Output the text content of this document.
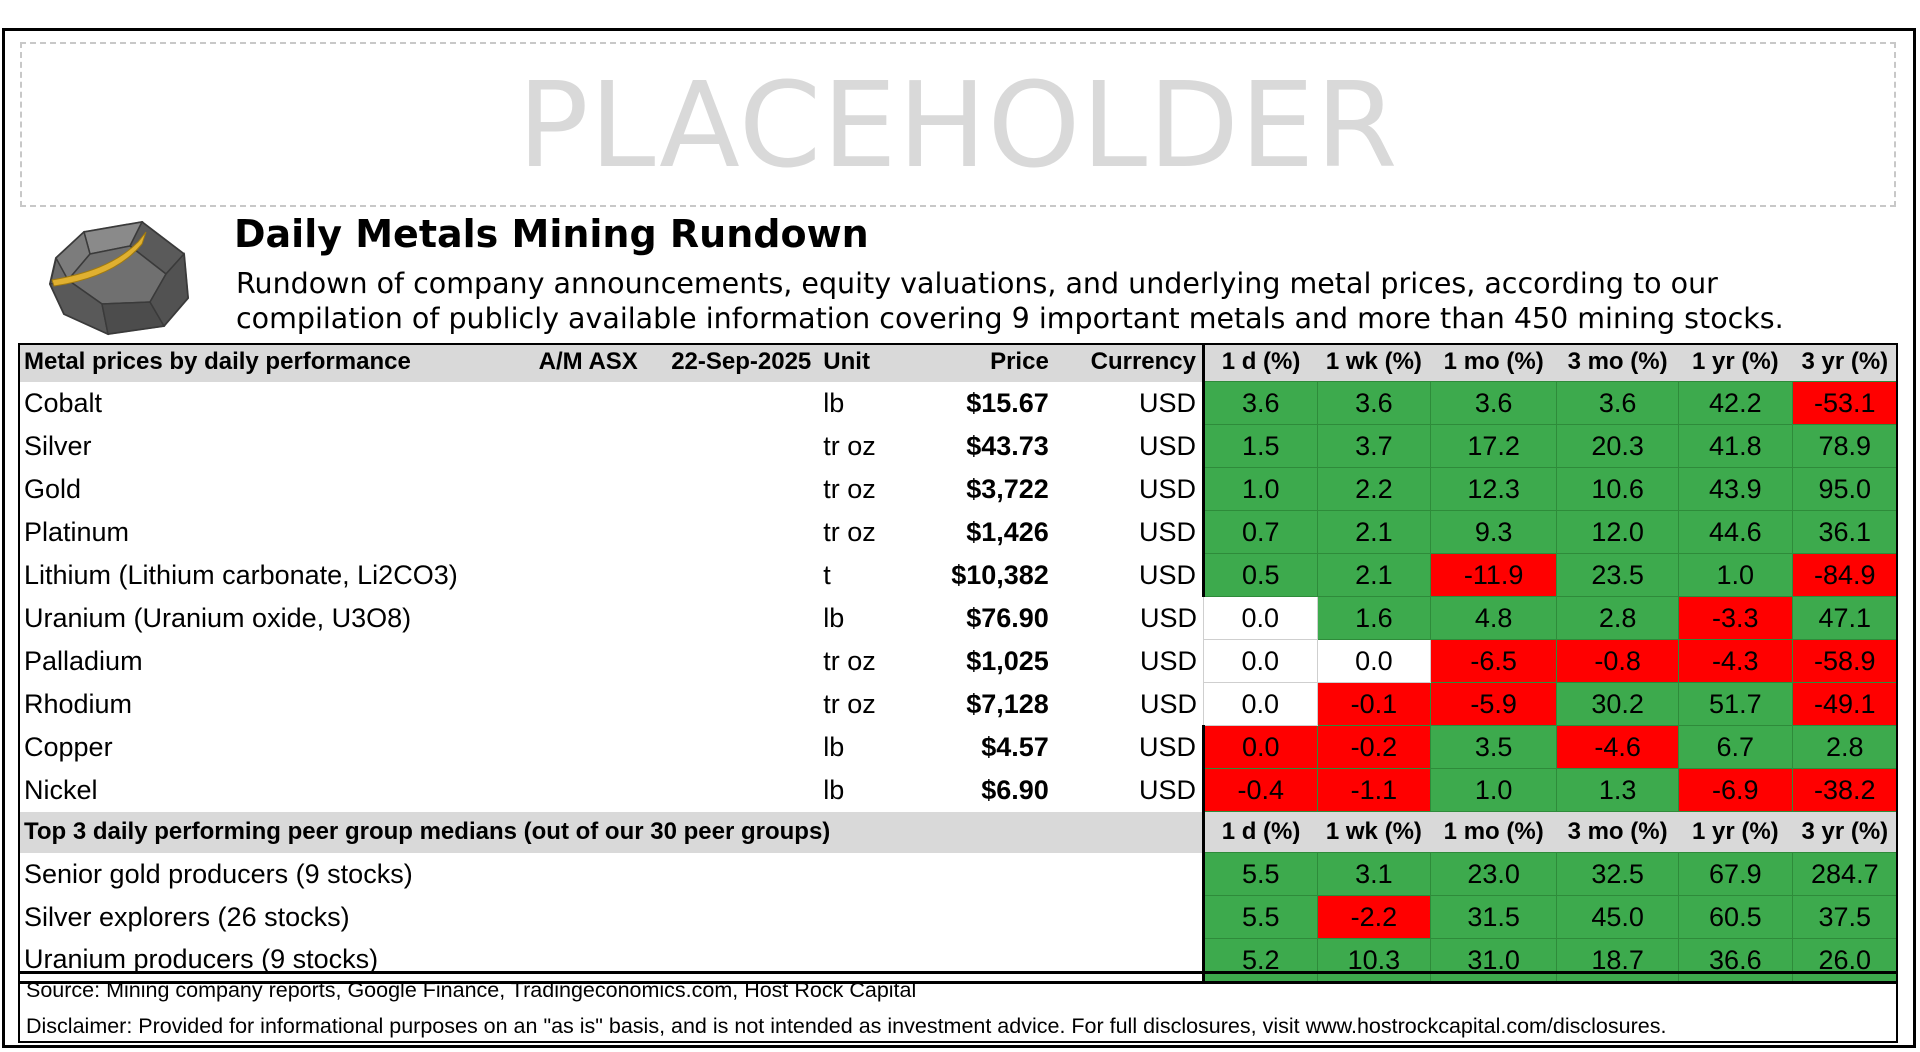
PLACEHOLDER
Daily Metals Mining Rundown
Rundown of company announcements, equity valuations, and underlying metal prices, according to our compilation of publicly available information covering 9 important metals and more than 450 mining stocks.
Metal prices by daily performance	A/M ASX	22-Sep-2025	Unit	Price	Currency	1 d (%)	1 wk (%)	1 mo (%)	3 mo (%)	1 yr (%)	3 yr (%)
Cobalt			lb	$15.67	USD	3.6	3.6	3.6	3.6	42.2	-53.1
Silver			tr oz	$43.73	USD	1.5	3.7	17.2	20.3	41.8	78.9
Gold			tr oz	$3,722	USD	1.0	2.2	12.3	10.6	43.9	95.0
Platinum			tr oz	$1,426	USD	0.7	2.1	9.3	12.0	44.6	36.1
Lithium (Lithium carbonate, Li2CO3)			t	$10,382	USD	0.5	2.1	-11.9	23.5	1.0	-84.9
Uranium (Uranium oxide, U3O8)			lb	$76.90	USD	0.0	1.6	4.8	2.8	-3.3	47.1
Palladium			tr oz	$1,025	USD	0.0	0.0	-6.5	-0.8	-4.3	-58.9
Rhodium			tr oz	$7,128	USD	0.0	-0.1	-5.9	30.2	51.7	-49.1
Copper			lb	$4.57	USD	0.0	-0.2	3.5	-4.6	6.7	2.8
Nickel			lb	$6.90	USD	-0.4	-1.1	1.0	1.3	-6.9	-38.2
Top 3 daily performing peer group medians (out of our 30 peer groups)						1 d (%)	1 wk (%)	1 mo (%)	3 mo (%)	1 yr (%)	3 yr (%)
Senior gold producers (9 stocks)						5.5	3.1	23.0	32.5	67.9	284.7
Silver explorers (26 stocks)						5.5	-2.2	31.5	45.0	60.5	37.5
Uranium producers (9 stocks)						5.2	10.3	31.0	18.7	36.6	26.0
Source: Mining company reports, Google Finance, Tradingeconomics.com, Host Rock Capital
Disclaimer: Provided for informational purposes on an "as is" basis, and is not intended as investment advice. For full disclosures, visit www.hostrockcapital.com/disclosures.
